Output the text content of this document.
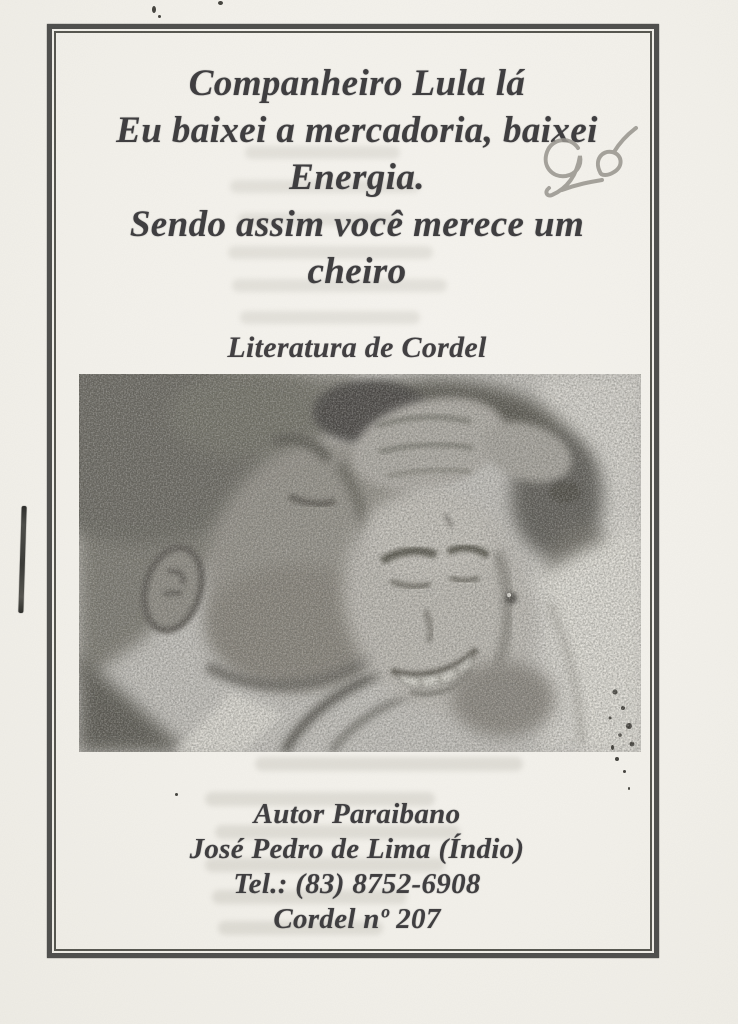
Companheiro Lula lá
Eu baixei a mercadoria, baixei
Energia.
Sendo assim você merece um
cheiro
Literatura de Cordel
Autor Paraibano
José Pedro de Lima (Índio)
Tel.: (83) 8752-6908
Cordel nº 207
